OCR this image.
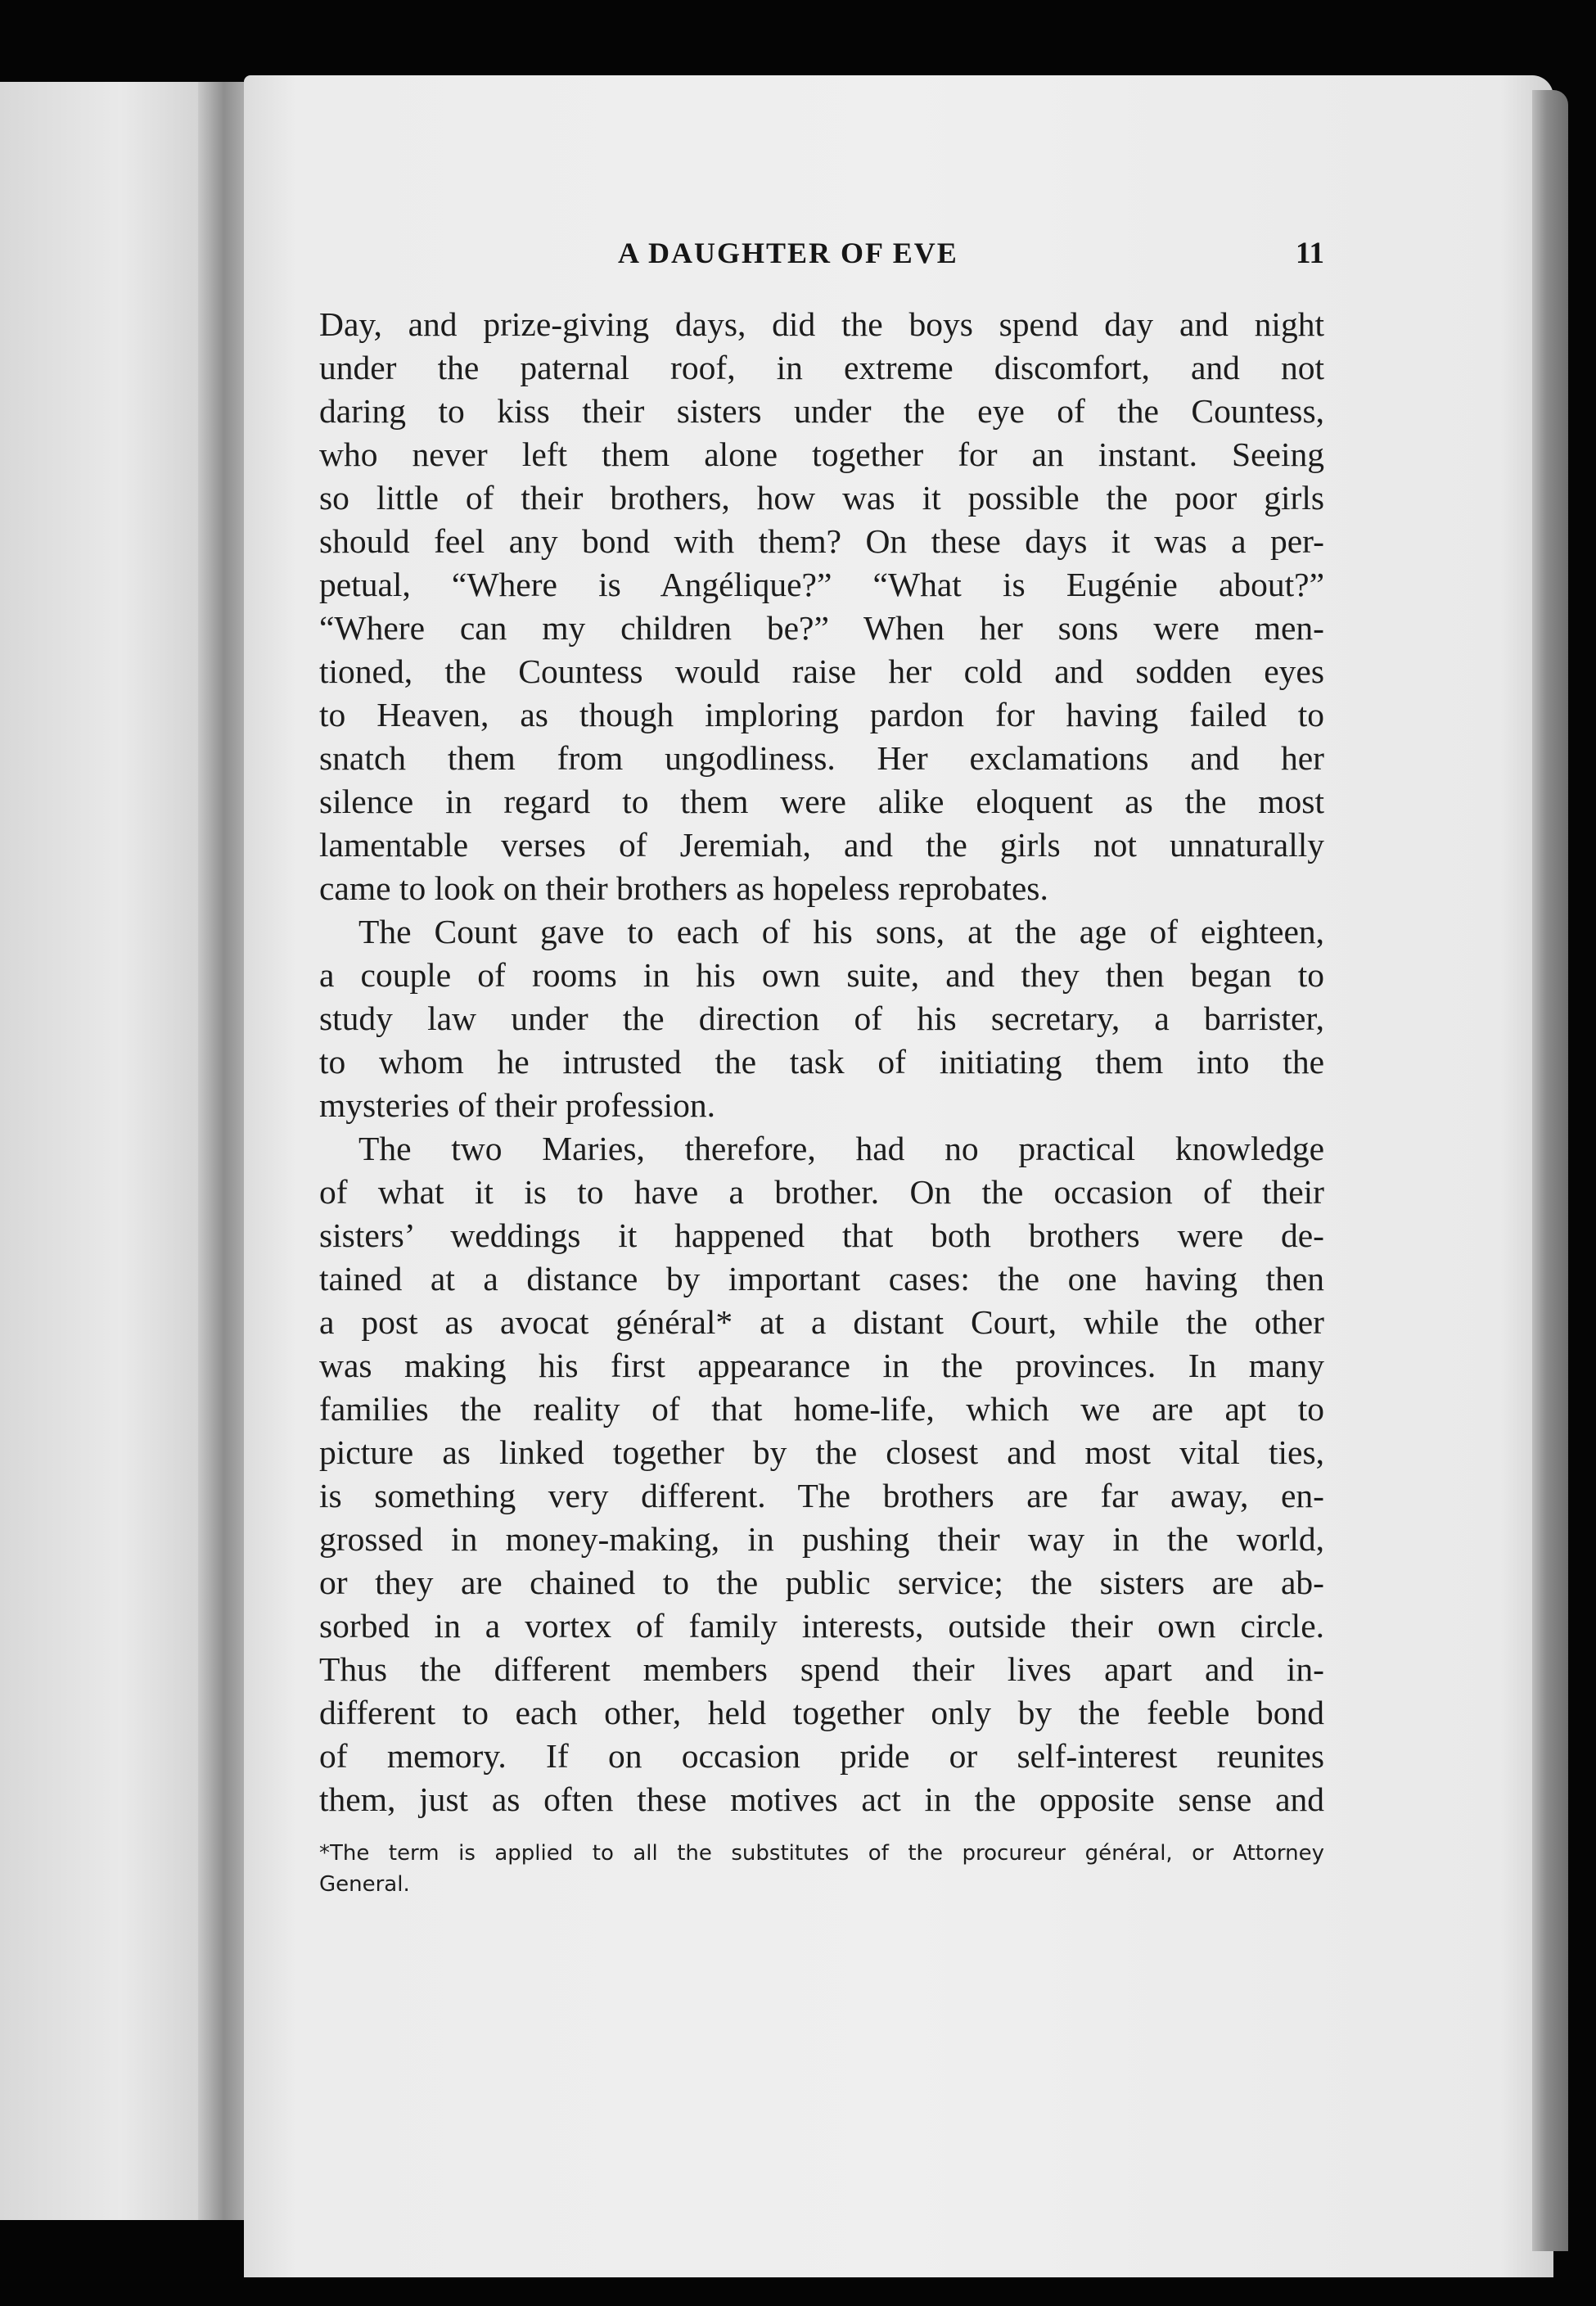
A DAUGHTER OF EVE	11
Day, and prize-giving days, did the boys spend day and night
under the paternal roof, in extreme discomfort, and not
daring to kiss their sisters under the eye of the Countess,
who never left them alone together for an instant. Seeing
so little of their brothers, how was it possible the poor girls
should feel any bond with them? On these days it was a per-
petual, “Where is Angélique?” “What is Eugénie about?”
“Where can my children be?” When her sons were men-
tioned, the Countess would raise her cold and sodden eyes
to Heaven, as though imploring pardon for having failed to
snatch them from ungodliness. Her exclamations and her
silence in regard to them were alike eloquent as the most
lamentable verses of Jeremiah, and the girls not unnaturally
came to look on their brothers as hopeless reprobates.
The Count gave to each of his sons, at the age of eighteen,
a couple of rooms in his own suite, and they then began to
study law under the direction of his secretary, a barrister,
to whom he intrusted the task of initiating them into the
mysteries of their profession.
The two Maries, therefore, had no practical knowledge
of what it is to have a brother. On the occasion of their
sisters’ weddings it happened that both brothers were de-
tained at a distance by important cases: the one having then
a post as avocat général* at a distant Court, while the other
was making his first appearance in the provinces. In many
families the reality of that home-life, which we are apt to
picture as linked together by the closest and most vital ties,
is something very different. The brothers are far away, en-
grossed in money-making, in pushing their way in the world,
or they are chained to the public service; the sisters are ab-
sorbed in a vortex of family interests, outside their own circle.
Thus the different members spend their lives apart and in-
different to each other, held together only by the feeble bond
of memory. If on occasion pride or self-interest reunites
them, just as often these motives act in the opposite sense and
*The term is applied to all the substitutes of the procureur général, or Attorney
General.
